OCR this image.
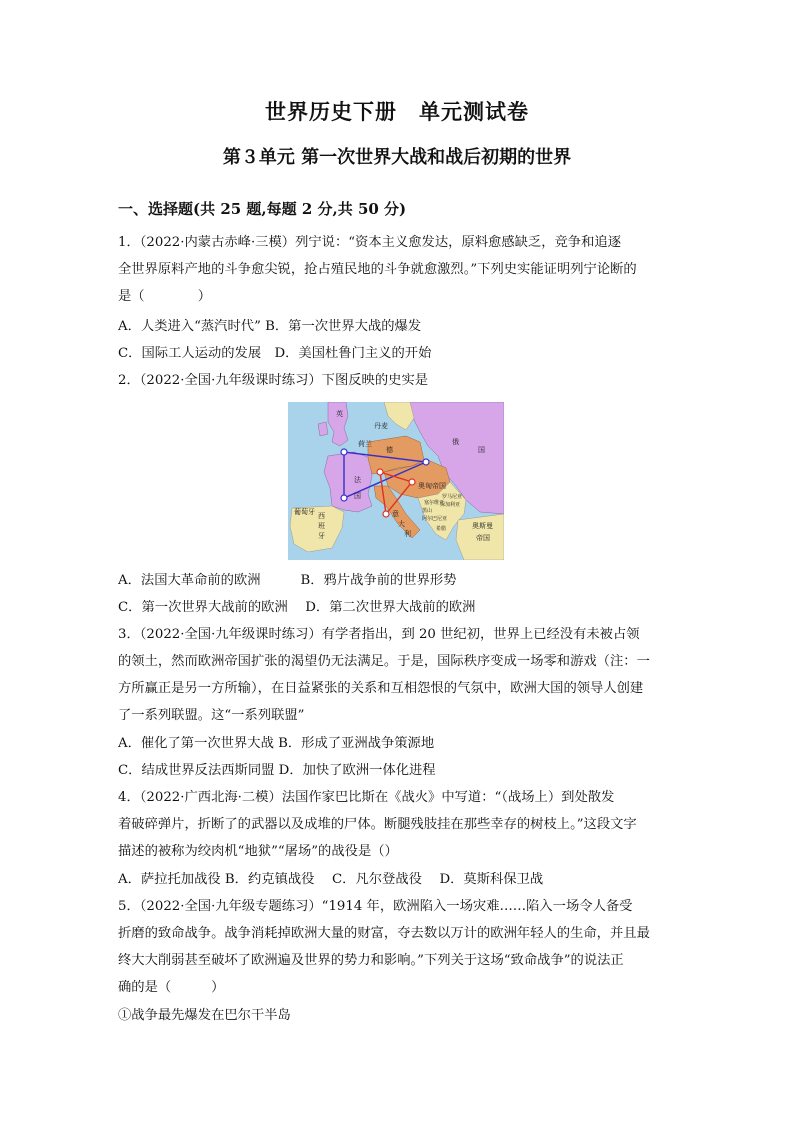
世界历史下册　单元测试卷
第３单元 第一次世界大战和战后初期的世界
一、选择题(共 25 题,每题 2 分,共 50 分)
1．（2022·内蒙古赤峰·三模）列宁说：“资本主义愈发达，原料愈感缺乏，竞争和追逐
全世界原料产地的斗争愈尖锐，抢占殖民地的斗争就愈激烈。”下列史实能证明列宁论断的
是（　　　　）
A．人类进入“蒸汽时代” B．第一次世界大战的爆发
C．国际工人运动的发展　D．美国杜鲁门主义的开始
2．（2022·全国·九年级课时练习）下图反映的史实是
英
丹麦
荷兰
德
俄
国
奥匈帝国
法
国
西
班
牙
葡萄牙	意
大
利
罗马尼亚
保加利亚
塞尔维亚
黑山
阿尔巴尼亚
希腊	奥斯曼
帝国
A．法国大革命前的欧洲　　　B．鸦片战争前的世界形势
C．第一次世界大战前的欧洲　 D．第二次世界大战前的欧洲
3．（2022·全国·九年级课时练习）有学者指出，到 20 世纪初，世界上已经没有未被占领
的领土，然而欧洲帝国扩张的渴望仍无法满足。于是，国际秩序变成一场零和游戏（注：一
方所赢正是另一方所输），在日益紧张的关系和互相怨恨的气氛中，欧洲大国的领导人创建
了一系列联盟。这“一系列联盟”
A．催化了第一次世界大战 B．形成了亚洲战争策源地
C．结成世界反法西斯同盟 D．加快了欧洲一体化进程
4．（2022·广西北海·二模）法国作家巴比斯在《战火》中写道：“（战场上）到处散发
着破碎弹片，折断了的武器以及成堆的尸体。断腿残肢挂在那些幸存的树枝上。”这段文字
描述的被称为绞肉机“地狱”“屠场”的战役是（）
A．萨拉托加战役 B．约克镇战役　 C．凡尔登战役　 D．莫斯科保卫战
5．（2022·全国·九年级专题练习）“1914 年，欧洲陷入一场灾难……陷入一场令人备受
折磨的致命战争。战争消耗掉欧洲大量的财富，夺去数以万计的欧洲年轻人的生命，并且最
终大大削弱甚至破坏了欧洲遍及世界的势力和影响。”下列关于这场“致命战争”的说法正
确的是（　　　）
①战争最先爆发在巴尔干半岛
